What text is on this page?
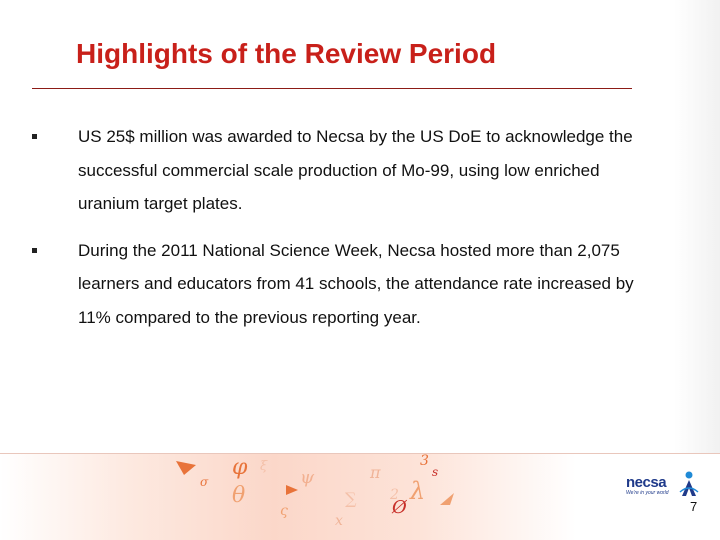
Highlights of the Review Period
US 25$ million was awarded to Necsa by the US DoE to acknowledge the successful commercial scale production of Mo-99, using low enriched uranium target plates.
During the 2011 National Science Week, Necsa hosted more than 2,075 learners and educators from 41 schools, the attendance rate increased by 11% compared to the previous reporting year.
φ
θ
ψ
σ	λ
3
2
∑
x
s
Ø
ς
ξ	π
necsa
We're in your world
7
